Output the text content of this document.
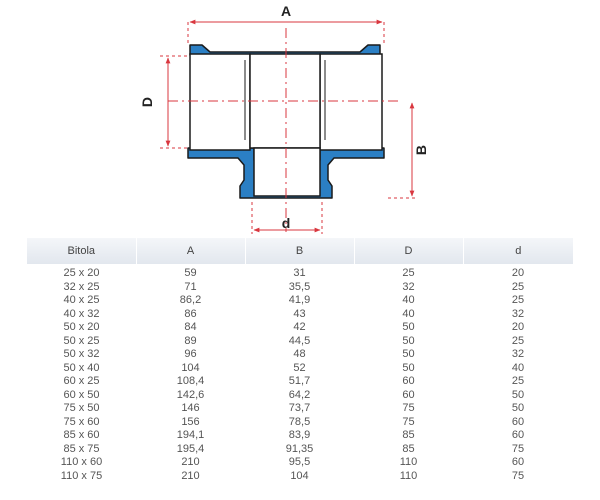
A
D
B
d
Bitola	A	B	D	d
25 x 20	59	31	25	20
32 x 25	71	35,5	32	25
40 x 25	86,2	41,9	40	25
40 x 32	86	43	40	32
50 x 20	84	42	50	20
50 x 25	89	44,5	50	25
50 x 32	96	48	50	32
50 x 40	104	52	50	40
60 x 25	108,4	51,7	60	25
60 x 50	142,6	64,2	60	50
75 x 50	146	73,7	75	50
75 x 60	156	78,5	75	60
85 x 60	194,1	83,9	85	60
85 x 75	195,4	91,35	85	75
110 x 60	210	95,5	110	60
110 x 75	210	104	110	75
